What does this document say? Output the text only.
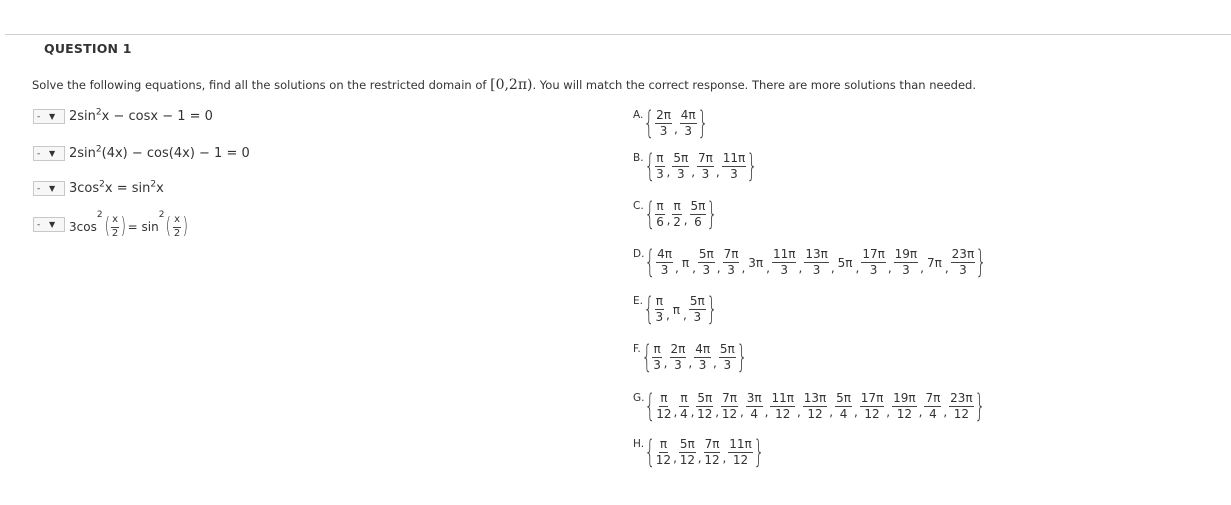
QUESTION 1
Solve the following equations, find all the solutions on the restricted domain of [0,2π). You will match the correct response. There are more solutions than needed.
-	▼ $2\sin^2x - \cos x - 1 = 0$
-	▼ $2\sin^2(4x) - \cos(4x) - 1 = 0$
-	▼ $3\cos^2x = \sin^2x$
-	▼ 3cos
2 ( $\frac{x}{2}$ ) = sin
2 ( $\frac{x}{2}$ )
A. { $\frac{2\pi}{3}$ , $\frac{4\pi}{3}$ }
B. { $\frac{\pi}{3}$ , $\frac{5\pi}{3}$ , $\frac{7\pi}{3}$ , $\frac{11\pi}{3}$ }
C. { $\frac{\pi}{6}$ , $\frac{\pi}{2}$ , $\frac{5\pi}{6}$ }
D. { $\frac{4\pi}{3}$ , π , $\frac{5\pi}{3}$ , $\frac{7\pi}{3}$ , 3π , $\frac{11\pi}{3}$ , $\frac{13\pi}{3}$ , 5π , $\frac{17\pi}{3}$ , $\frac{19\pi}{3}$ , 7π , $\frac{23\pi}{3}$ }
E. { $\frac{\pi}{3}$ , π , $\frac{5\pi}{3}$ }
F. { $\frac{\pi}{3}$ , $\frac{2\pi}{3}$ , $\frac{4\pi}{3}$ , $\frac{5\pi}{3}$ }
G. { $\frac{\pi}{12}$ , $\frac{\pi}{4}$ , $\frac{5\pi}{12}$ , $\frac{7\pi}{12}$ , $\frac{3\pi}{4}$ , $\frac{11\pi}{12}$ , $\frac{13\pi}{12}$ , $\frac{5\pi}{4}$ , $\frac{17\pi}{12}$ , $\frac{19\pi}{12}$ , $\frac{7\pi}{4}$ , $\frac{23\pi}{12}$ }
H. { $\frac{\pi}{12}$ , $\frac{5\pi}{12}$ , $\frac{7\pi}{12}$ , $\frac{11\pi}{12}$ }
